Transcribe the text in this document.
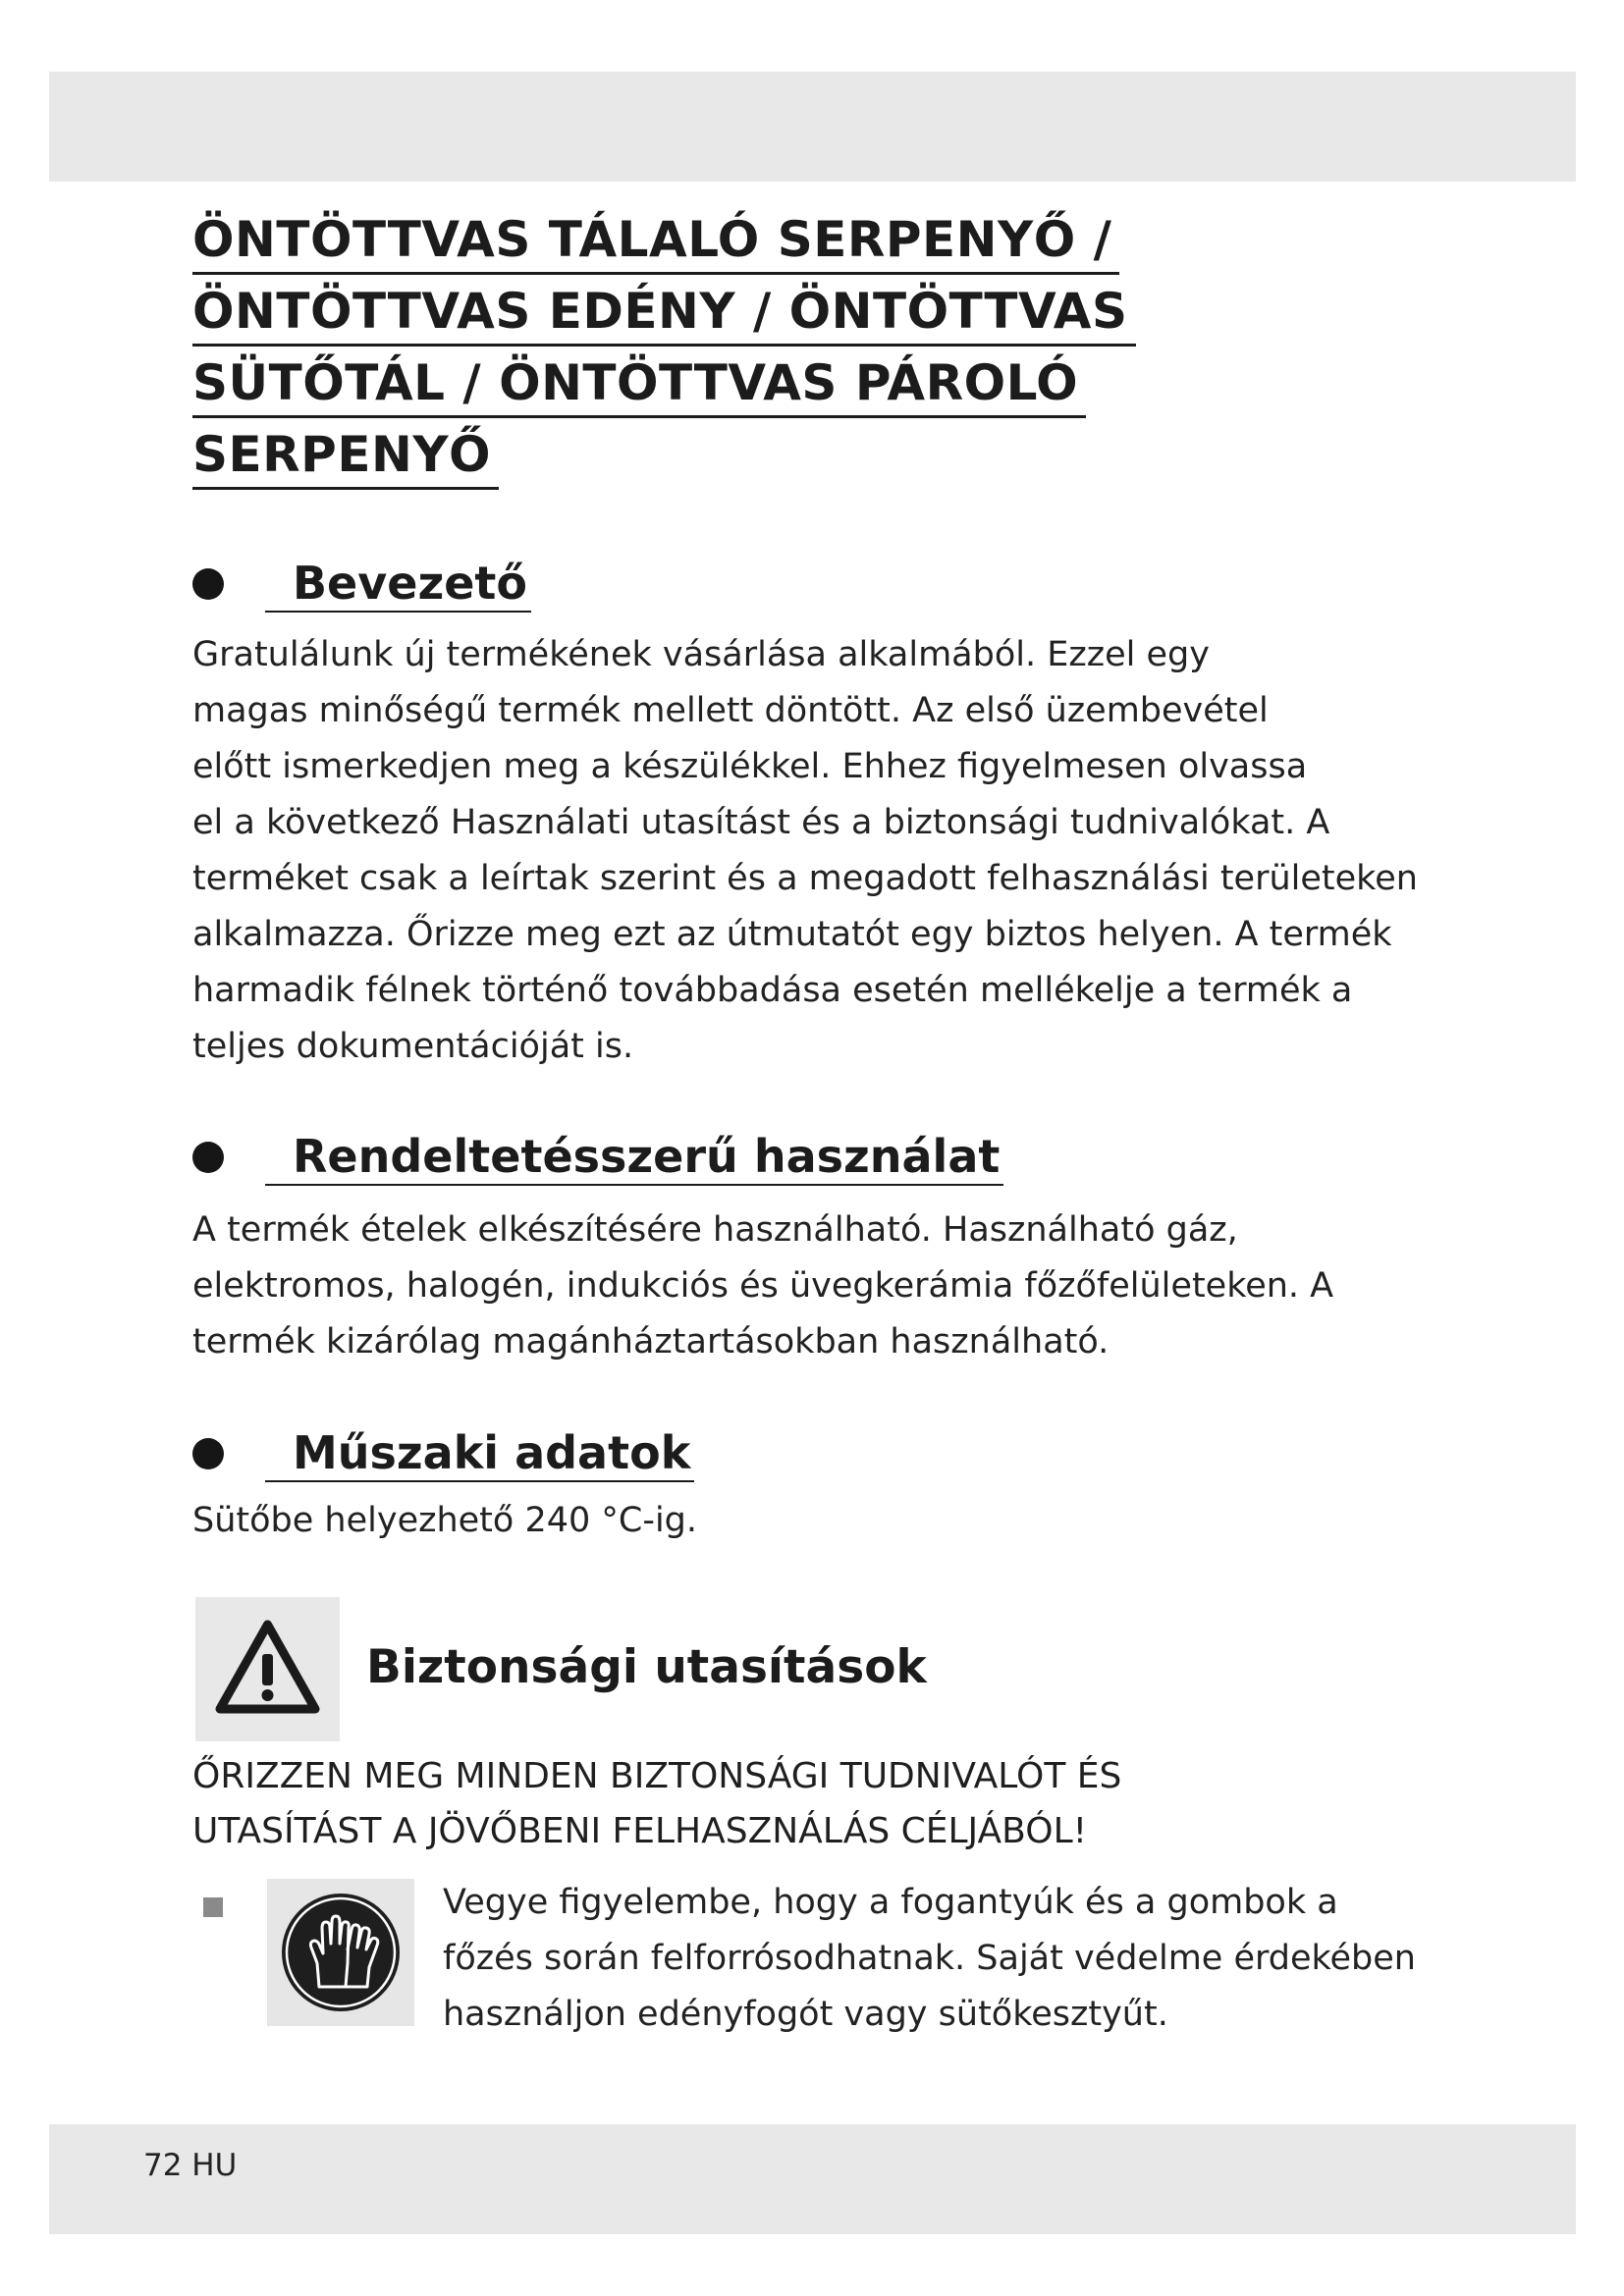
ÖNTÖTTVAS TÁLALÓ SERPENYŐ /
ÖNTÖTTVAS EDÉNY / ÖNTÖTTVAS
SÜTŐTÁL / ÖNTÖTTVAS PÁROLÓ
SERPENYŐ
Bevezető

Gratulálunk új termékének vásárlása alkalmából. Ezzel egy
magas minőségű termék mellett döntött. Az első üzembevétel
előtt ismerkedjen meg a készülékkel. Ehhez figyelmesen olvassa
el a következő Használati utasítást és a biztonsági tudnivalókat. A
terméket csak a leírtak szerint és a megadott felhasználási területeken
alkalmazza. Őrizze meg ezt az útmutatót egy biztos helyen. A termék
harmadik félnek történő továbbadása esetén mellékelje a termék a
teljes dokumentációját is.

Rendeltetésszerű használat

A termék ételek elkészítésére használható. Használható gáz,
elektromos, halogén, indukciós és üvegkerámia főzőfelületeken. A
termék kizárólag magánháztartásokban használható.

Műszaki adatok

Sütőbe helyezhető 240 °C-ig.

Biztonsági utasítások

ŐRIZZEN MEG MINDEN BIZTONSÁGI TUDNIVALÓT ÉS
UTASÍTÁST A JÖVŐBENI FELHASZNÁLÁS CÉLJÁBÓL!

Vegye figyelembe, hogy a fogantyúk és a gombok a
főzés során felforrósodhatnak. Saját védelme érdekében
használjon edényfogót vagy sütőkesztyűt.

72 HU
